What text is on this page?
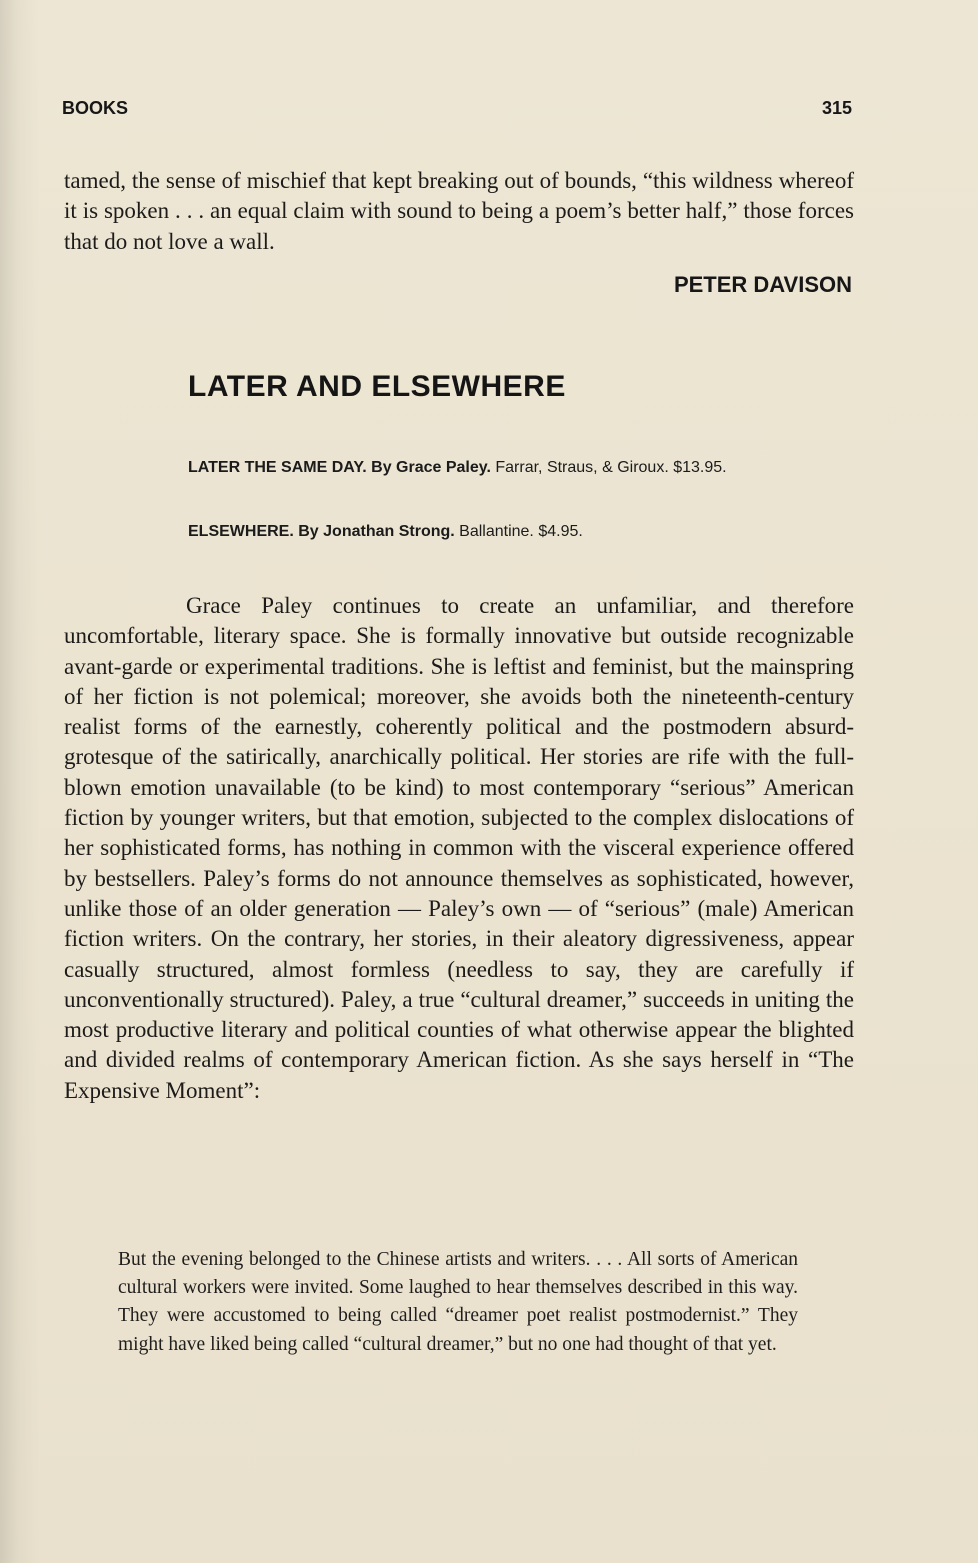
BOOKS	315

tamed, the sense of mischief that kept breaking out of bounds, “this wildness whereof it is spoken . . . an equal claim with sound to being a poem’s better half,” those forces that do not love a wall.

PETER DAVISON
LATER AND ELSEWHERE
LATER THE SAME DAY. By Grace Paley. Farrar, Straus, & Giroux. $13.95.
ELSEWHERE. By Jonathan Strong. Ballantine. $4.95.

Grace Paley continues to create an unfamiliar, and therefore uncomfortable, literary space. She is formally innovative but outside recognizable avant-garde or experimental traditions. She is leftist and feminist, but the mainspring of her fiction is not polemical; moreover, she avoids both the nineteenth-century realist forms of the earnestly, coherently political and the postmodern absurd-grotesque of the satirically, anarchically political. Her stories are rife with the full-blown emotion unavailable (to be kind) to most contemporary “serious” American fiction by younger writers, but that emotion, subjected to the complex dislocations of her sophisticated forms, has nothing in common with the visceral experience offered by bestsellers. Paley’s forms do not announce themselves as sophisticated, however, unlike those of an older generation — Paley’s own — of “serious” (male) American fiction writers. On the contrary, her stories, in their aleatory digressiveness, appear casually structured, almost formless (needless to say, they are carefully if unconventionally structured). Paley, a true “cultural dreamer,” succeeds in uniting the most productive literary and political counties of what otherwise appear the blighted and divided realms of contemporary American fiction. As she says herself in “The Expensive Moment”:

But the evening belonged to the Chinese artists and writers. . . . All sorts of American cultural workers were invited. Some laughed to hear themselves described in this way. They were accustomed to being called “dreamer poet realist postmodernist.” They might have liked being called “cultural dreamer,” but no one had thought of that yet.
